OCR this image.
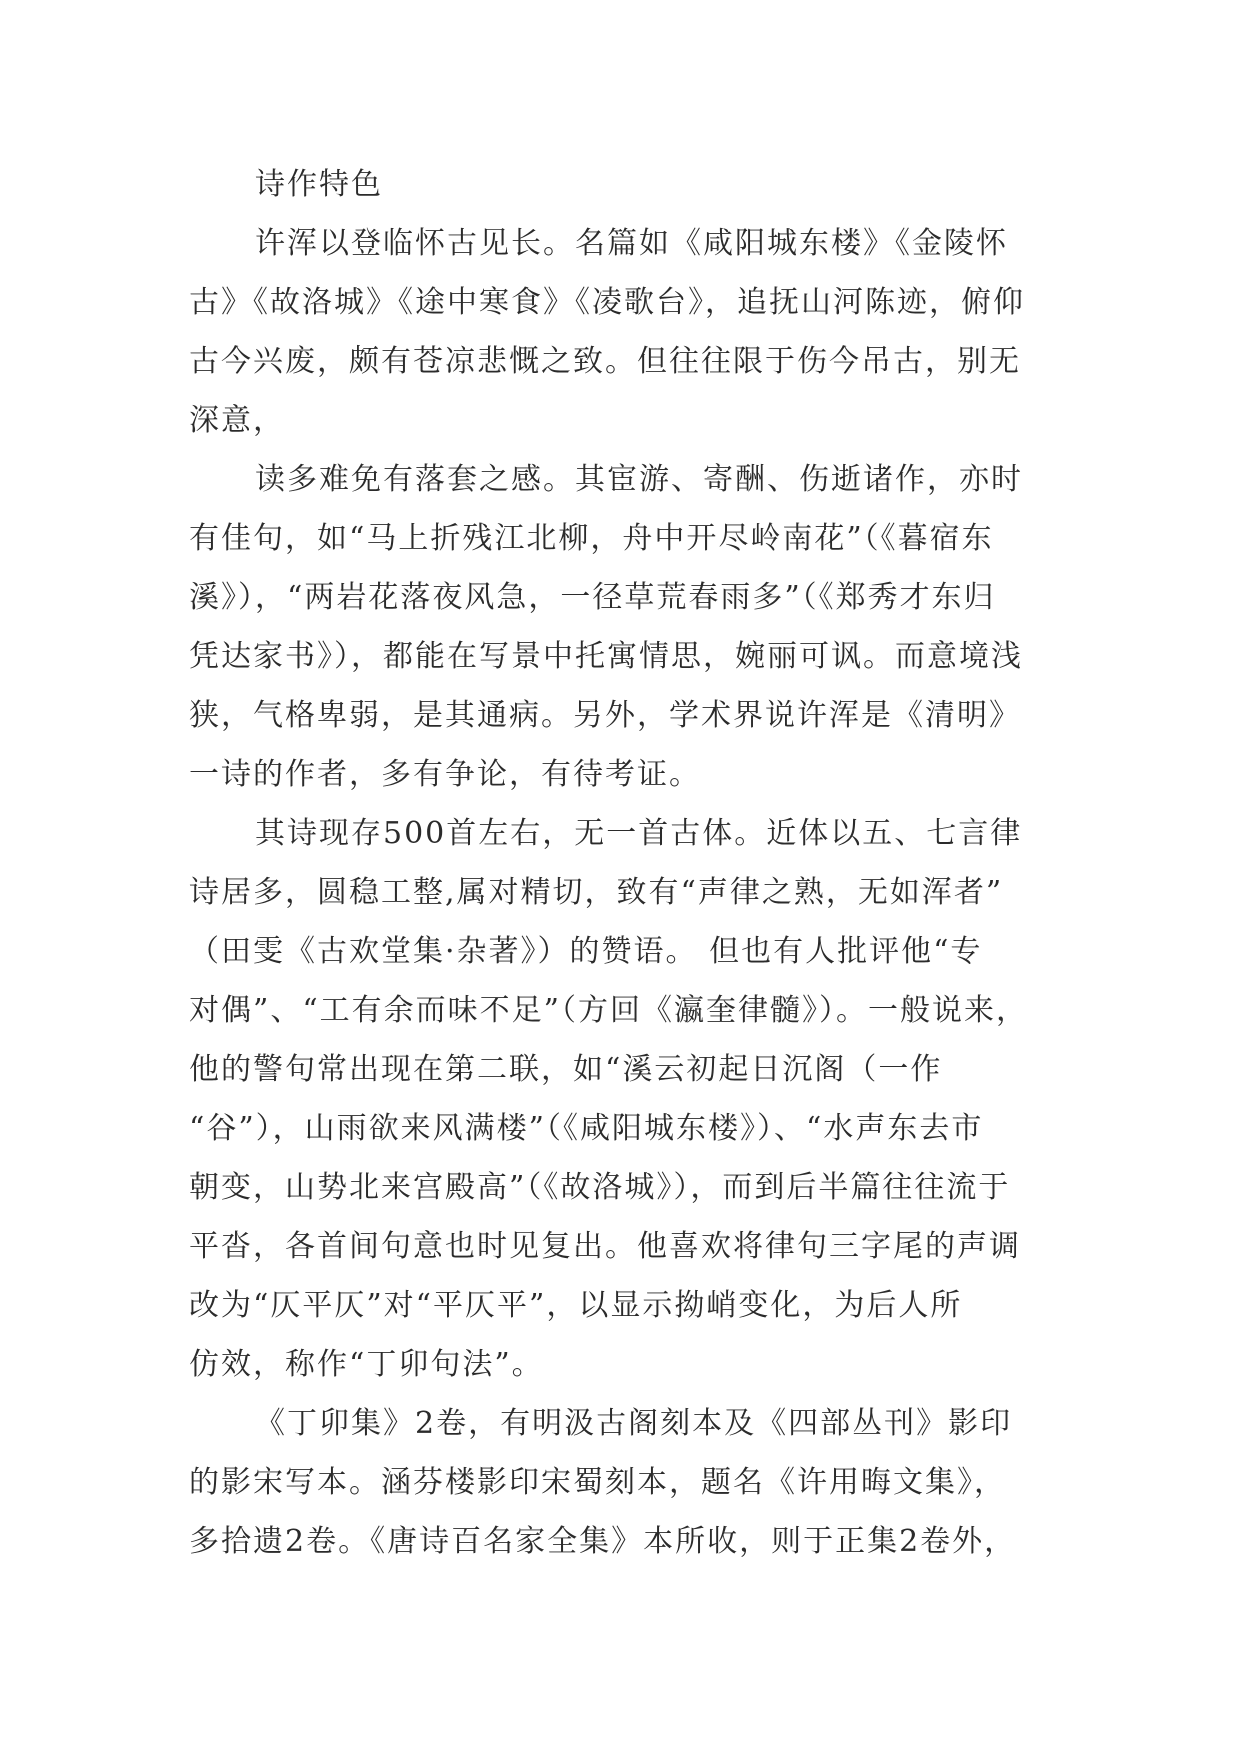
诗作特色
许浑以登临怀古见长。名篇如《咸阳城东楼》《金陵怀
古》《故洛城》《途中寒食》《凌歌台》，追抚山河陈迹，俯仰
古今兴废，颇有苍凉悲慨之致。但往往限于伤今吊古，别无
深意，
读多难免有落套之感。其宦游、寄酬、伤逝诸作，亦时
有佳句，如“马上折残江北柳，舟中开尽岭南花”（《暮宿东
溪》），“两岩花落夜风急，一径草荒春雨多”（《郑秀才东归
凭达家书》），都能在写景中托寓情思，婉丽可讽。而意境浅
狭，气格卑弱，是其通病。另外，学术界说许浑是《清明》
一诗的作者，多有争论，有待考证。
其诗现存500首左右，无一首古体。近体以五、七言律
诗居多，圆稳工整,属对精切，致有“声律之熟，无如浑者”
（田雯《古欢堂集·杂著》）的赞语。 但也有人批评他“专
对偶”、“工有余而味不足”（方回《瀛奎律髓》）。一般说来，
他的警句常出现在第二联，如“溪云初起日沉阁（一作
“谷”），山雨欲来风满楼”（《咸阳城东楼》）、“水声东去市
朝变，山势北来宫殿高”（《故洛城》），而到后半篇往往流于
平沓，各首间句意也时见复出。他喜欢将律句三字尾的声调
改为“仄平仄”对“平仄平”，以显示拗峭变化，为后人所
仿效，称作“丁卯句法”。
《丁卯集》2卷，有明汲古阁刻本及《四部丛刊》影印
的影宋写本。涵芬楼影印宋蜀刻本，题名《许用晦文集》，
多拾遗2卷。《唐诗百名家全集》本所收，则于正集2卷外，
